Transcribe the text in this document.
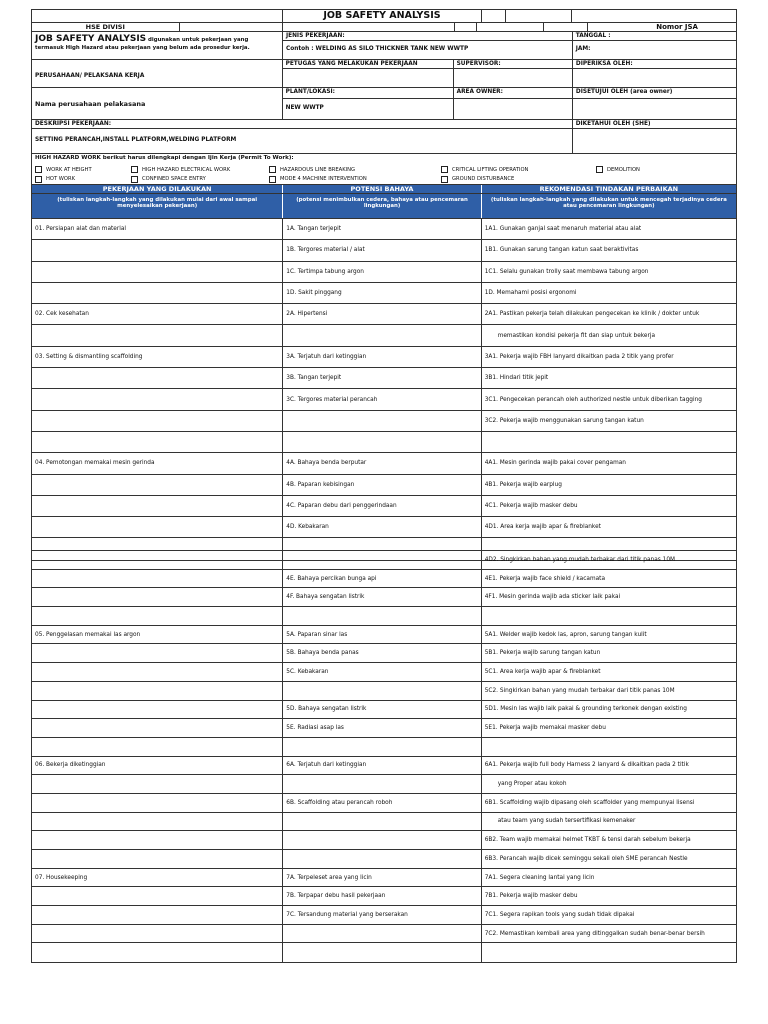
JOB SAFETY ANALYSIS
HSE DIVISI	Nomor JSA
JOB SAFETY ANALYSIS digunakan untuk pekerjaan yang
termasuk High Hazard atau pekerjaan yang belum ada prosedur kerja.
JENIS PEKERJAAN:
Contoh : WELDING AS SILO THICKNER TANK NEW WWTP
TANGGAL :
JAM:
PERUSAHAAN/ PELAKSANA KERJA
PETUGAS YANG MELAKUKAN PEKERJAAN	SUPERVISOR:	DIPERIKSA OLEH:
Nama perusahaan pelakasana
PLANT/LOKASI:
NEW WWTP
AREA OWNER:	DISETUJUI OLEH (area owner)
DESKRIPSI PEKERJAAN:
SETTING PERANCAH,INSTALL PLATFORM,WELDING PLATFORM
DIKETAHUI OLEH (SHE)
HIGH HAZARD WORK berikut harus dilengkapi dengan Ijin Kerja (Permit To Work):
WORK AT HEIGHT	HIGH HAZARD ELECTRICAL WORK	HAZARDOUS LINE BREAKING	CRITICAL LIFTING OPERATION	DEMOLITION
HOT WORK	CONFINED SPACE ENTRY	MODE 4 MACHINE INTERVENTION	GROUND DISTURBANCE
PEKERJAAN YANG DILAKUKAN	POTENSI BAHAYA	REKOMENDASI TINDAKAN PERBAIKAN
(tuliskan langkah-langkah yang dilakukan mulai dari awal sampai menyelesaikan pekerjaan)
(potensi menimbulkan cedera, bahaya atau pencemaran lingkungan)
(tuliskan langkah-langkah yang dilakukan untuk mencegah terjadinya cedera atau pencemaran lingkungan)
01. Persiapan alat dan material	1A. Tangan terjepit	1A1. Gunakan ganjal saat menaruh material atau alat
1B. Tergores material / alat	1B1. Gunakan sarung tangan katun saat beraktivitas
1C. Tertimpa tabung argon	1C1. Selalu gunakan trolly saat membawa tabung argon
1D. Sakit pinggang	1D. Memahami posisi ergonomi
02. Cek kesehatan	2A. Hipertensi	2A1. Pastikan pekerja telah dilakukan pengecekan ke klinik / dokter untuk
memastikan kondisi pekerja fit dan siap untuk bekerja
03. Setting & dismantling scaffolding	3A. Terjatuh dari ketinggian	3A1. Pekerja wajib FBH lanyard dikaitkan pada 2 titik yang profer
3B. Tangan terjepit	3B1. Hindari titik jepit
3C. Tergores material perancah	3C1. Pengecekan perancah oleh authorized nestle untuk diberikan tagging
3C2. Pekerja wajib menggunakan sarung tangan katun
04. Pemotongan memakai mesin gerinda	4A. Bahaya benda berputar	4A1. Mesin gerinda wajib pakai cover pengaman
4B. Paparan kebisingan	4B1. Pekerja wajib earplug
4C. Paparan debu dari penggerindaan	4C1. Pekerja wajib masker debu
4D. Kebakaran	4D1. Area kerja wajib apar & fireblanket
4D2. Singkirkan bahan yang mudah terbakar dari titik panas 10M
4E. Bahaya percikan bunga api	4E1. Pekerja wajib face shield / kacamata
4F. Bahaya sengatan listrik	4F1. Mesin gerinda wajib ada sticker laik pakai
05. Penggelasan memakai las argon	5A. Paparan sinar las	5A1. Welder wajib kedok las, apron, sarung tangan kulit
5B. Bahaya benda panas	5B1. Pekerja wajib sarung tangan katun
5C. Kebakaran	5C1. Area kerja wajib apar & fireblanket
5C2. Singkirkan bahan yang mudah terbakar dari titik panas 10M
5D. Bahaya sengatan listrik	5D1. Mesin las wajib laik pakai & grounding terkonek dengan existing
5E. Radiasi asap las	5E1. Pekerja wajib memakai masker debu
06. Bekerja diketinggian	6A. Terjatuh dari ketinggian	6A1. Pekerja wajib full body Harness 2 lanyard & dikaitkan pada 2 titik
yang Proper atau kokoh
6B. Scaffolding atau perancah roboh	6B1. Scaffolding wajib dipasang oleh scaffolder yang mempunyai lisensi
atau team yang sudah tersertifikasi kemenaker
6B2. Team wajib memakai helmet TKBT & tensi darah sebelum bekerja
6B3. Perancah wajib dicek seminggu sekali oleh SME perancah Nestle
07. Housekeeping	7A. Terpeleset area yang licin	7A1. Segera cleaning lantai yang licin
7B. Terpapar debu hasil pekerjaan	7B1. Pekerja wajib masker debu
7C. Tersandung material yang berserakan	7C1. Segera rapikan tools yang sudah tidak dipakai
7C2. Memastikan kembali area yang ditinggalkan sudah benar-benar bersih
